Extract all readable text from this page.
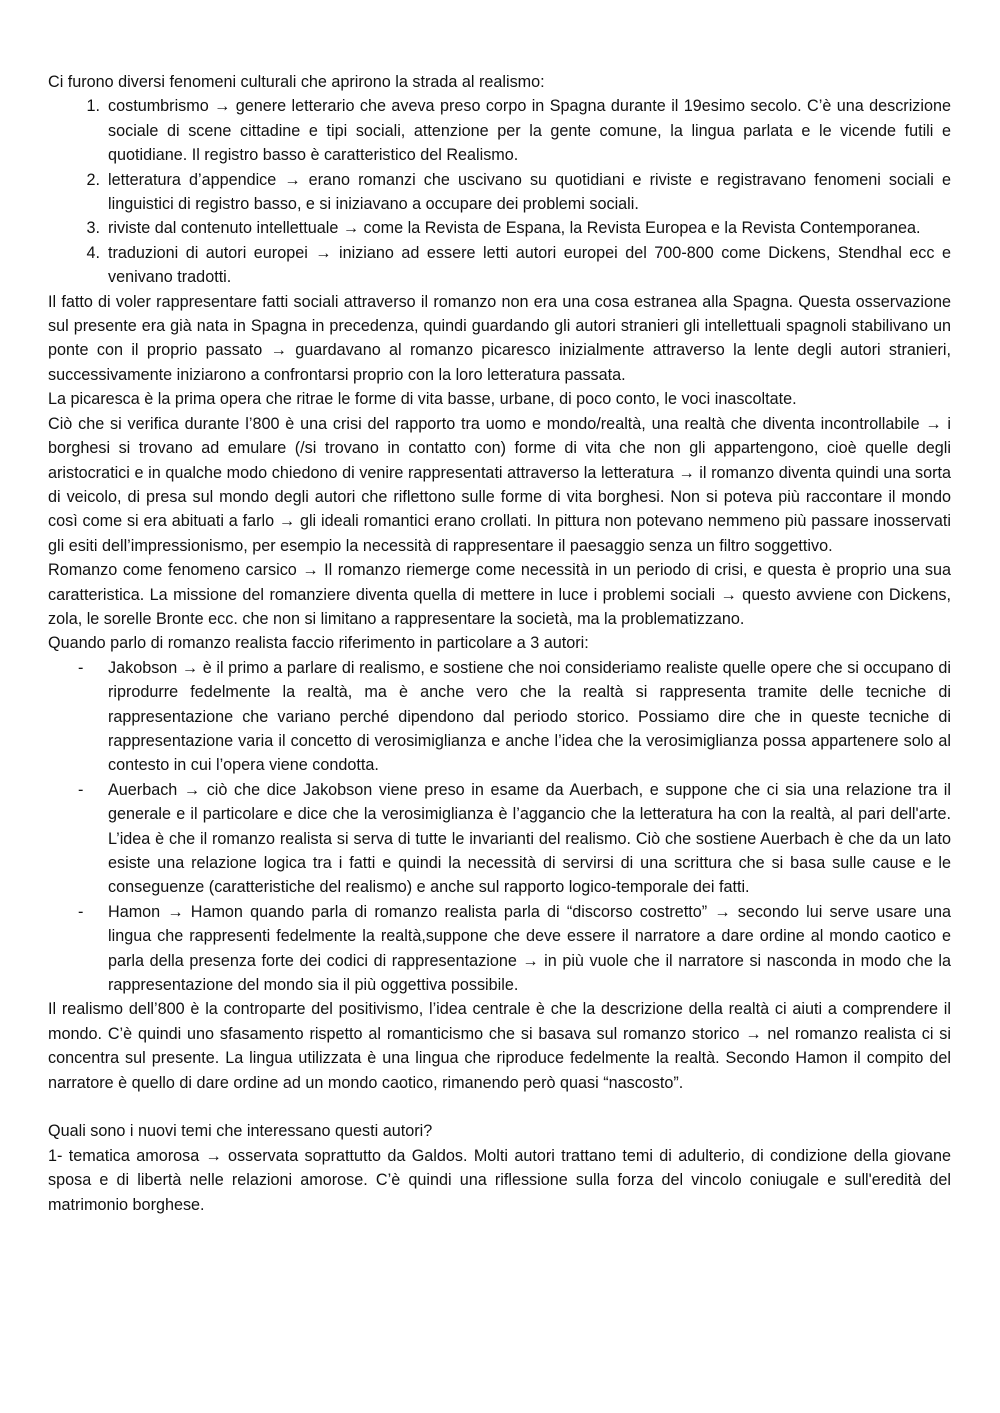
Ci furono diversi fenomeni culturali che aprirono la strada al realismo:

1. costumbrismo → genere letterario che aveva preso corpo in Spagna durante il 19esimo secolo. C’è una descrizione sociale di scene cittadine e tipi sociali, attenzione per la gente comune, la lingua parlata e le vicende futili e quotidiane. Il registro basso è caratteristico del Realismo.
2. letteratura d’appendice → erano romanzi che uscivano su quotidiani e riviste e registravano fenomeni sociali e linguistici di registro basso, e si iniziavano a occupare dei problemi sociali.
3. riviste dal contenuto intellettuale → come la Revista de Espana, la Revista Europea e la Revista Contemporanea.
4. traduzioni di autori europei → iniziano ad essere letti autori europei del 700-800 come Dickens, Stendhal ecc e venivano tradotti.

Il fatto di voler rappresentare fatti sociali attraverso il romanzo non era una cosa estranea alla Spagna. Questa osservazione sul presente era già nata in Spagna in precedenza, quindi guardando gli autori stranieri gli intellettuali spagnoli stabilivano un ponte con il proprio passato → guardavano al romanzo picaresco inizialmente attraverso la lente degli autori stranieri, successivamente iniziarono a confrontarsi proprio con la loro letteratura passata.

La picaresca è la prima opera che ritrae le forme di vita basse, urbane, di poco conto, le voci inascoltate.

Ciò che si verifica durante l’800 è una crisi del rapporto tra uomo e mondo/realtà, una realtà che diventa incontrollabile → i borghesi si trovano ad emulare (/si trovano in contatto con) forme di vita che non gli appartengono, cioè quelle degli aristocratici e in qualche modo chiedono di venire rappresentati attraverso la letteratura → il romanzo diventa quindi una sorta di veicolo, di presa sul mondo degli autori che riflettono sulle forme di vita borghesi. Non si poteva più raccontare il mondo così come si era abituati a farlo → gli ideali romantici erano crollati. In pittura non potevano nemmeno più passare inosservati gli esiti dell’impressionismo, per esempio la necessità di rappresentare il paesaggio senza un filtro soggettivo.

Romanzo come fenomeno carsico → Il romanzo riemerge come necessità in un periodo di crisi, e questa è proprio una sua caratteristica. La missione del romanziere diventa quella di mettere in luce i problemi sociali → questo avviene con Dickens, zola, le sorelle Bronte ecc. che non si limitano a rappresentare la società, ma la problematizzano.

Quando parlo di romanzo realista faccio riferimento in particolare a 3 autori:

-	Jakobson → è il primo a parlare di realismo, e sostiene che noi consideriamo realiste quelle opere che si occupano di riprodurre fedelmente la realtà, ma è anche vero che la realtà si rappresenta tramite delle tecniche di rappresentazione che variano perché dipendono dal periodo storico. Possiamo dire che in queste tecniche di rappresentazione varia il concetto di verosimiglianza e anche l’idea che la verosimiglianza possa appartenere solo al contesto in cui l’opera viene condotta.
-	Auerbach → ciò che dice Jakobson viene preso in esame da Auerbach, e suppone che ci sia una relazione tra il generale e il particolare e dice che la verosimiglianza è l’aggancio che la letteratura ha con la realtà, al pari dell'arte. L’idea è che il romanzo realista si serva di tutte le invarianti del realismo. Ciò che sostiene Auerbach è che da un lato esiste una relazione logica tra i fatti e quindi la necessità di servirsi di una scrittura che si basa sulle cause e le conseguenze (caratteristiche del realismo) e anche sul rapporto logico-temporale dei fatti.
-	Hamon → Hamon quando parla di romanzo realista parla di “discorso costretto” → secondo lui serve usare una lingua che rappresenti fedelmente la realtà,suppone che deve essere il narratore a dare ordine al mondo caotico e parla della presenza forte dei codici di rappresentazione → in più vuole che il narratore si nasconda in modo che la rappresentazione del mondo sia il più oggettiva possibile.

Il realismo dell’800 è la controparte del positivismo, l’idea centrale è che la descrizione della realtà ci aiuti a comprendere il mondo. C’è quindi uno sfasamento rispetto al romanticismo che si basava sul romanzo storico → nel romanzo realista ci si concentra sul presente. La lingua utilizzata è una lingua che riproduce fedelmente la realtà. Secondo Hamon il compito del narratore è quello di dare ordine ad un mondo caotico, rimanendo però quasi “nascosto”.

Quali sono i nuovi temi che interessano questi autori?

1- tematica amorosa → osservata soprattutto da Galdos. Molti autori trattano temi di adulterio, di condizione della giovane sposa e di libertà nelle relazioni amorose. C’è quindi una riflessione sulla forza del vincolo coniugale e sull'eredità del matrimonio borghese.
